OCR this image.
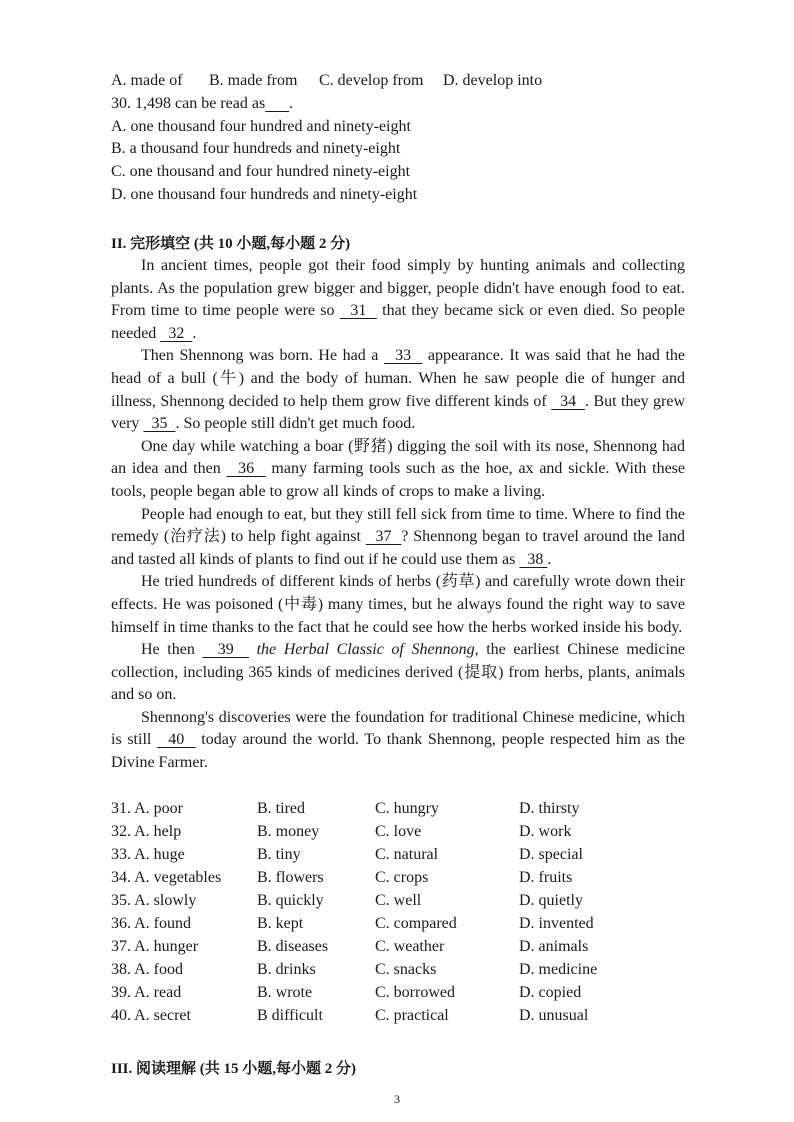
A. made of B. made from C. develop from D. develop into
30. 1,498 can be read as .
A. one thousand four hundred and ninety-eight
B. a thousand four hundreds and ninety-eight
C. one thousand and four hundred ninety-eight
D. one thousand four hundreds and ninety-eight
II. 完形填空 (共 10 小题,每小题 2 分)

In ancient times, people got their food simply by hunting animals and collecting plants. As the population grew bigger and bigger, people didn't have enough food to eat. From time to time people were so   31   that they became sick or even died. So people needed   32  .

Then Shennong was born. He had a   33   appearance. It was said that he had the head of a bull (牛) and the body of human. When he saw people die of hunger and illness, Shennong decided to help them grow five different kinds of   34  . But they grew very   35  . So people still didn't get much food.

One day while watching a boar (野猪) digging the soil with its nose, Shennong had an idea and then   36   many farming tools such as the hoe, ax and sickle. With these tools, people began able to grow all kinds of crops to make a living.

People had enough to eat, but they still fell sick from time to time. Where to find the remedy (治疗法) to help fight against   37  ? Shennong began to travel around the land and tasted all kinds of plants to find out if he could use them as   38 .

He tried hundreds of different kinds of herbs (药草) and carefully wrote down their effects. He was poisoned (中毒) many times, but he always found the right way to save himself in time thanks to the fact that he could see how the herbs worked inside his body.

He then   39   the Herbal Classic of Shennong, the earliest Chinese medicine collection, including 365 kinds of medicines derived (提取) from herbs, plants, animals and so on.

Shennong's discoveries were the foundation for traditional Chinese medicine, which is still   40   today around the world. To thank Shennong, people respected him as the Divine Farmer.

31. A. poor	B. tired	C. hungry	D. thirsty
32. A. help	B. money	C. love	D. work
33. A. huge	B. tiny	C. natural	D. special
34. A. vegetables B. flowers	C. crops	D. fruits
35. A. slowly	B. quickly	C. well	D. quietly
36. A. found	B. kept	C. compared	D. invented
37. A. hunger	B. diseases	C. weather	D. animals
38. A. food	B. drinks	C. snacks	D. medicine
39. A. read	B. wrote	C. borrowed	D. copied
40. A. secret	B difficult	C. practical	D. unusual
III. 阅读理解 (共 15 小题,每小题 2 分)
3
